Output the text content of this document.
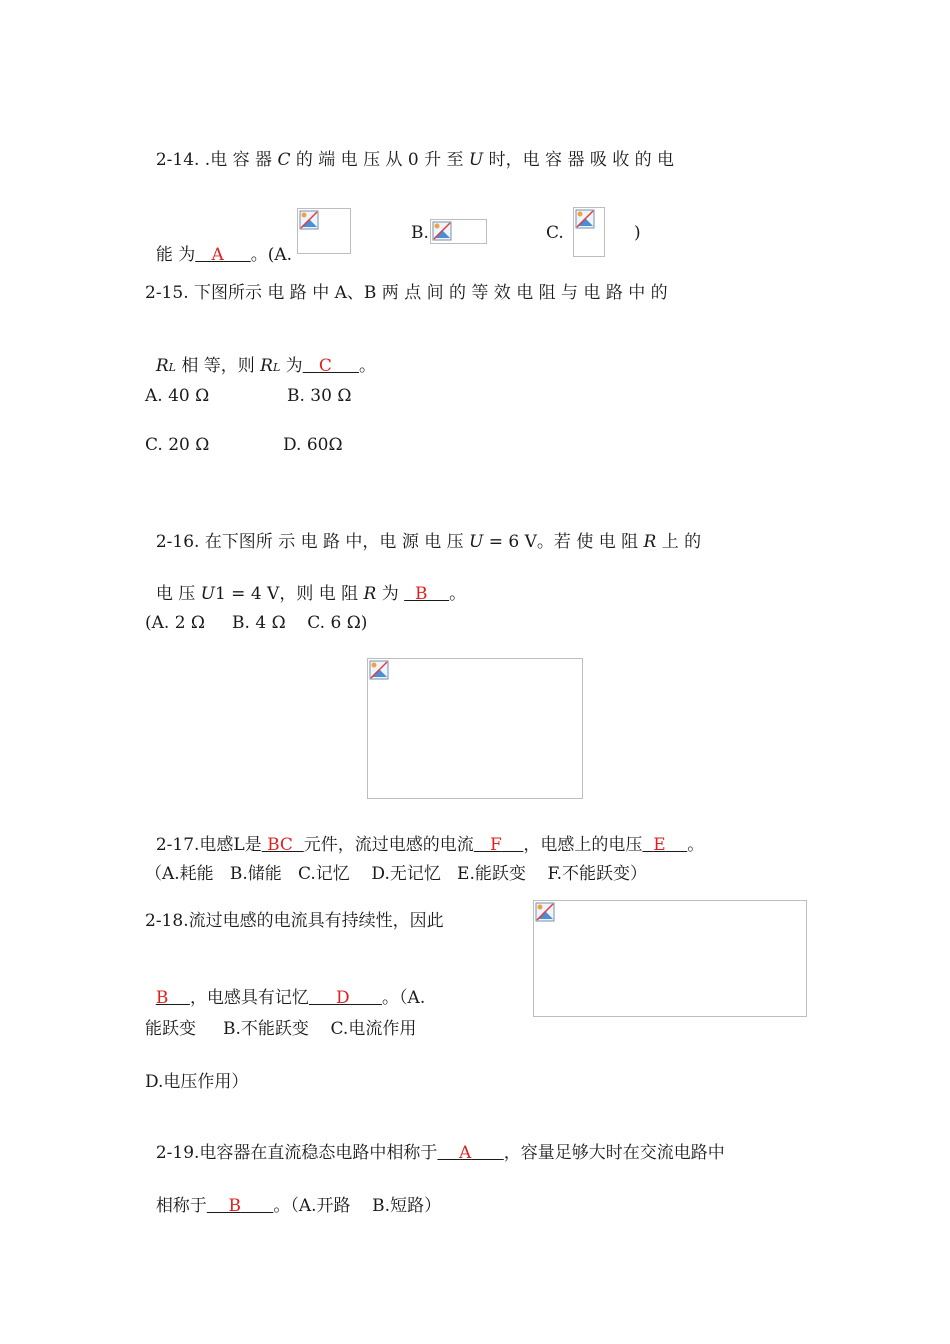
2-14. .电 容 器 C 的 端 电 压 从 0 升 至 U 时，电 容 器 吸 收 的 电

能 为 A 。(A.

B.	C.	)
2-15. 下图所示 电 路 中 A、B 两 点 间 的 等 效 电 阻 与 电 路 中 的

RL 相 等，则 RL 为 C 。

A. 40 Ω	B. 30 Ω
C. 20 Ω	D. 60Ω

2-16. 在下图所 示 电 路 中，电 源 电 压 U = 6 V。若 使 电 阻 R 上 的

电 压 U1 = 4 V，则 电 阻 R 为   B 。

(A. 2 Ω     B. 4 Ω    C. 6 Ω)

2-17.电感L是 BC 元件，流过电感的电流 F ，电感上的电压 E 。

（A.耗能   B.储能   C.记忆    D.无记忆   E.能跃变    F.不能跃变）
2-18.流过电感的电流具有持续性，因此

B ，电感具有记忆 D 。（A.

能跃变     B.不能跃变    C.电流作用
D.电压作用）

2-19.电容器在直流稳态电路中相称于 A ，容量足够大时在交流电路中

相称于 B 。（A.开路    B.短路）
